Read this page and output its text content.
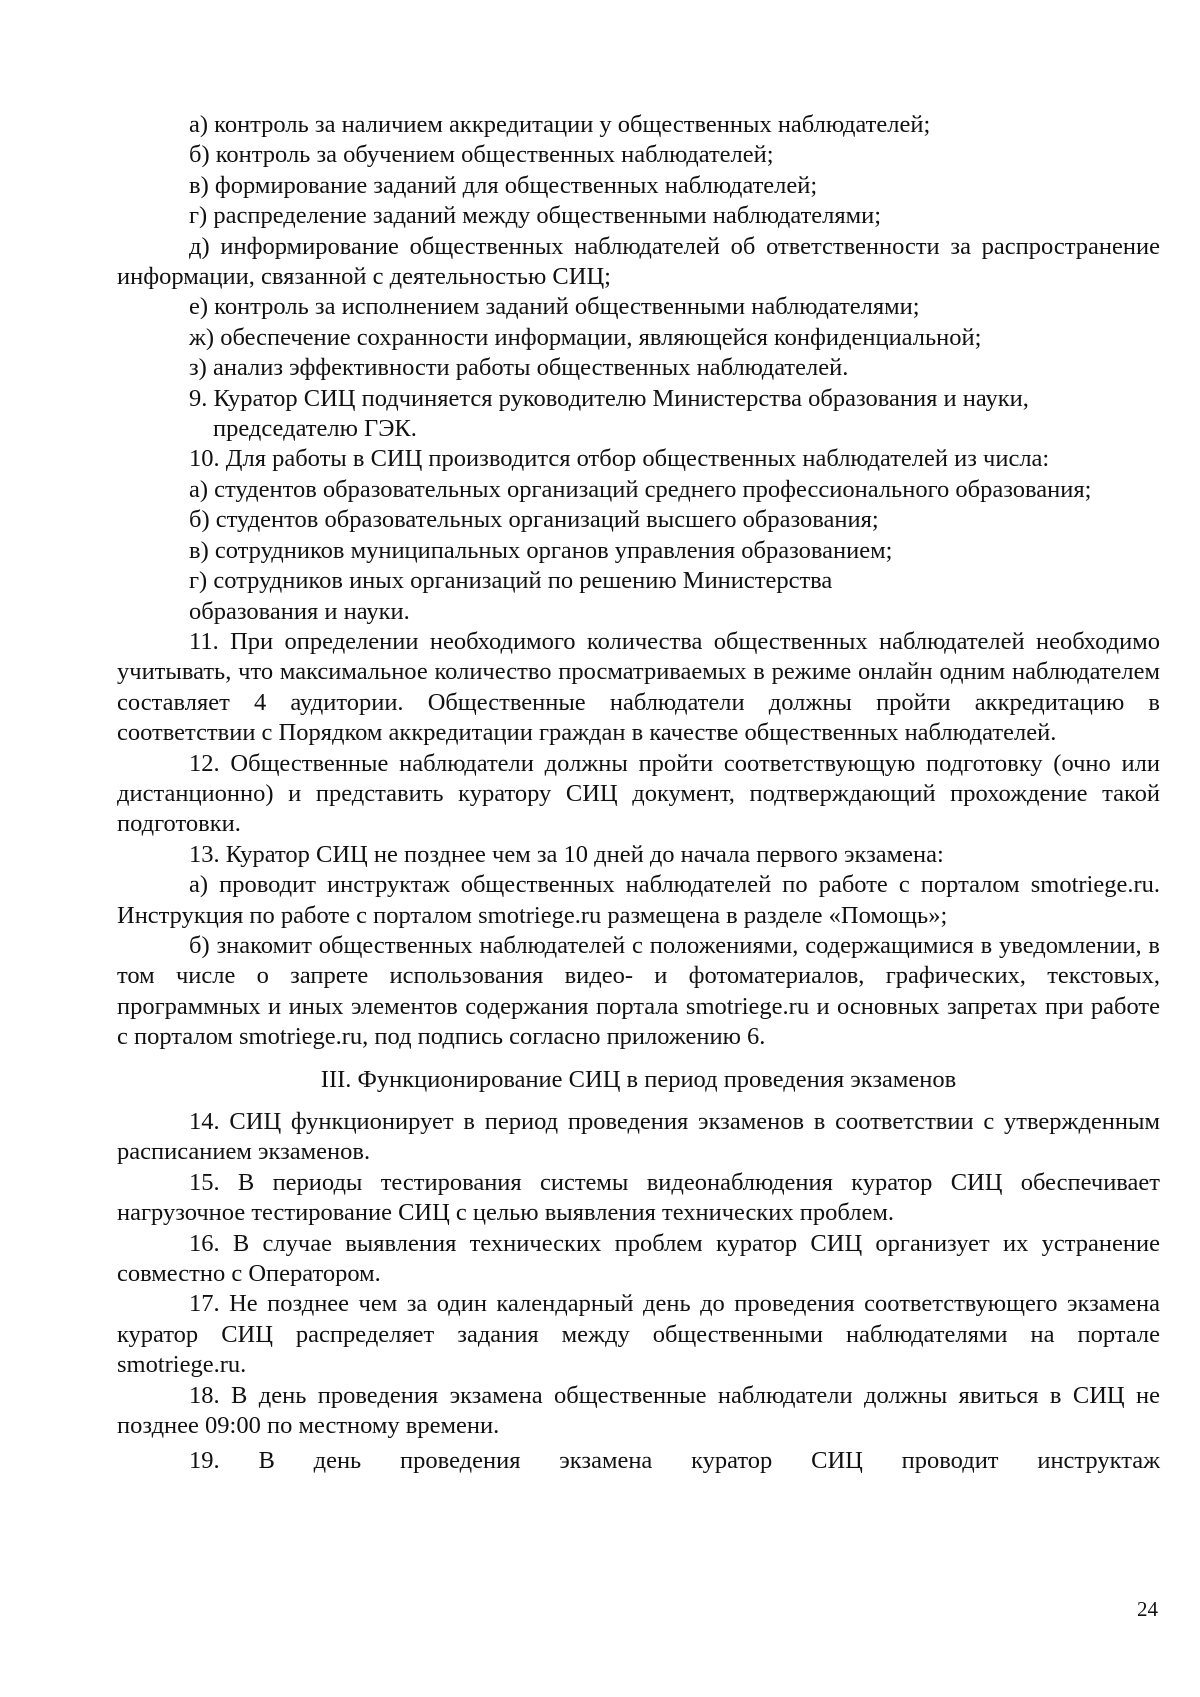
а) контроль за наличием аккредитации у общественных наблюдателей;

б) контроль за обучением общественных наблюдателей;

в) формирование заданий для общественных наблюдателей;

г) распределение заданий между общественными наблюдателями;

д) информирование общественных наблюдателей об ответственности за распространение информации, связанной с деятельностью СИЦ;

е) контроль за исполнением заданий общественными наблюдателями;

ж) обеспечение сохранности информации, являющейся конфиденциальной;

з) анализ эффективности работы общественных наблюдателей.

9. Куратор СИЦ подчиняется руководителю Министерства образования и науки,

председателю ГЭК.

10. Для работы в СИЦ производится отбор общественных наблюдателей из числа:

а) студентов образовательных организаций среднего профессионального образования;

б) студентов образовательных организаций высшего образования;

в) сотрудников муниципальных органов управления образованием;

г) сотрудников иных организаций по решению Министерства

образования и науки.

11. При определении необходимого количества общественных наблюдателей необходимо учитывать, что максимальное количество просматриваемых в режиме онлайн одним наблюдателем составляет 4 аудитории. Общественные наблюдатели должны пройти аккредитацию в соответствии с Порядком аккредитации граждан в качестве общественных наблюдателей.

12. Общественные наблюдатели должны пройти соответствующую подготовку (очно или дистанционно) и представить куратору СИЦ документ, подтверждающий прохождение такой подготовки.

13. Куратор СИЦ не позднее чем за 10 дней до начала первого экзамена:

а) проводит инструктаж общественных наблюдателей по работе с порталом smotriege.ru. Инструкция по работе с порталом smotriege.ru размещена в разделе «Помощь»;

б) знакомит общественных наблюдателей с положениями, содержащимися в уведомлении, в том числе о запрете использования видео- и фотоматериалов, графических, текстовых, программных и иных элементов содержания портала smotriege.ru и основных запретах при работе с порталом smotriege.ru, под подпись согласно приложению 6.

III. Функционирование СИЦ в период проведения экзаменов

14. СИЦ функционирует в период проведения экзаменов в соответствии с утвержденным расписанием экзаменов.

15. В периоды тестирования системы видеонаблюдения куратор СИЦ обеспечивает нагрузочное тестирование СИЦ с целью выявления технических проблем.

16. В случае выявления технических проблем куратор СИЦ организует их устранение совместно с Оператором.

17. Не позднее чем за один календарный день до проведения соответствующего экзамена куратор СИЦ распределяет задания между общественными наблюдателями на портале smotriege.ru.

18. В день проведения экзамена общественные наблюдатели должны явиться в СИЦ не позднее 09:00 по местному времени.

19. В день проведения экзамена куратор СИЦ проводит инструктаж

24
